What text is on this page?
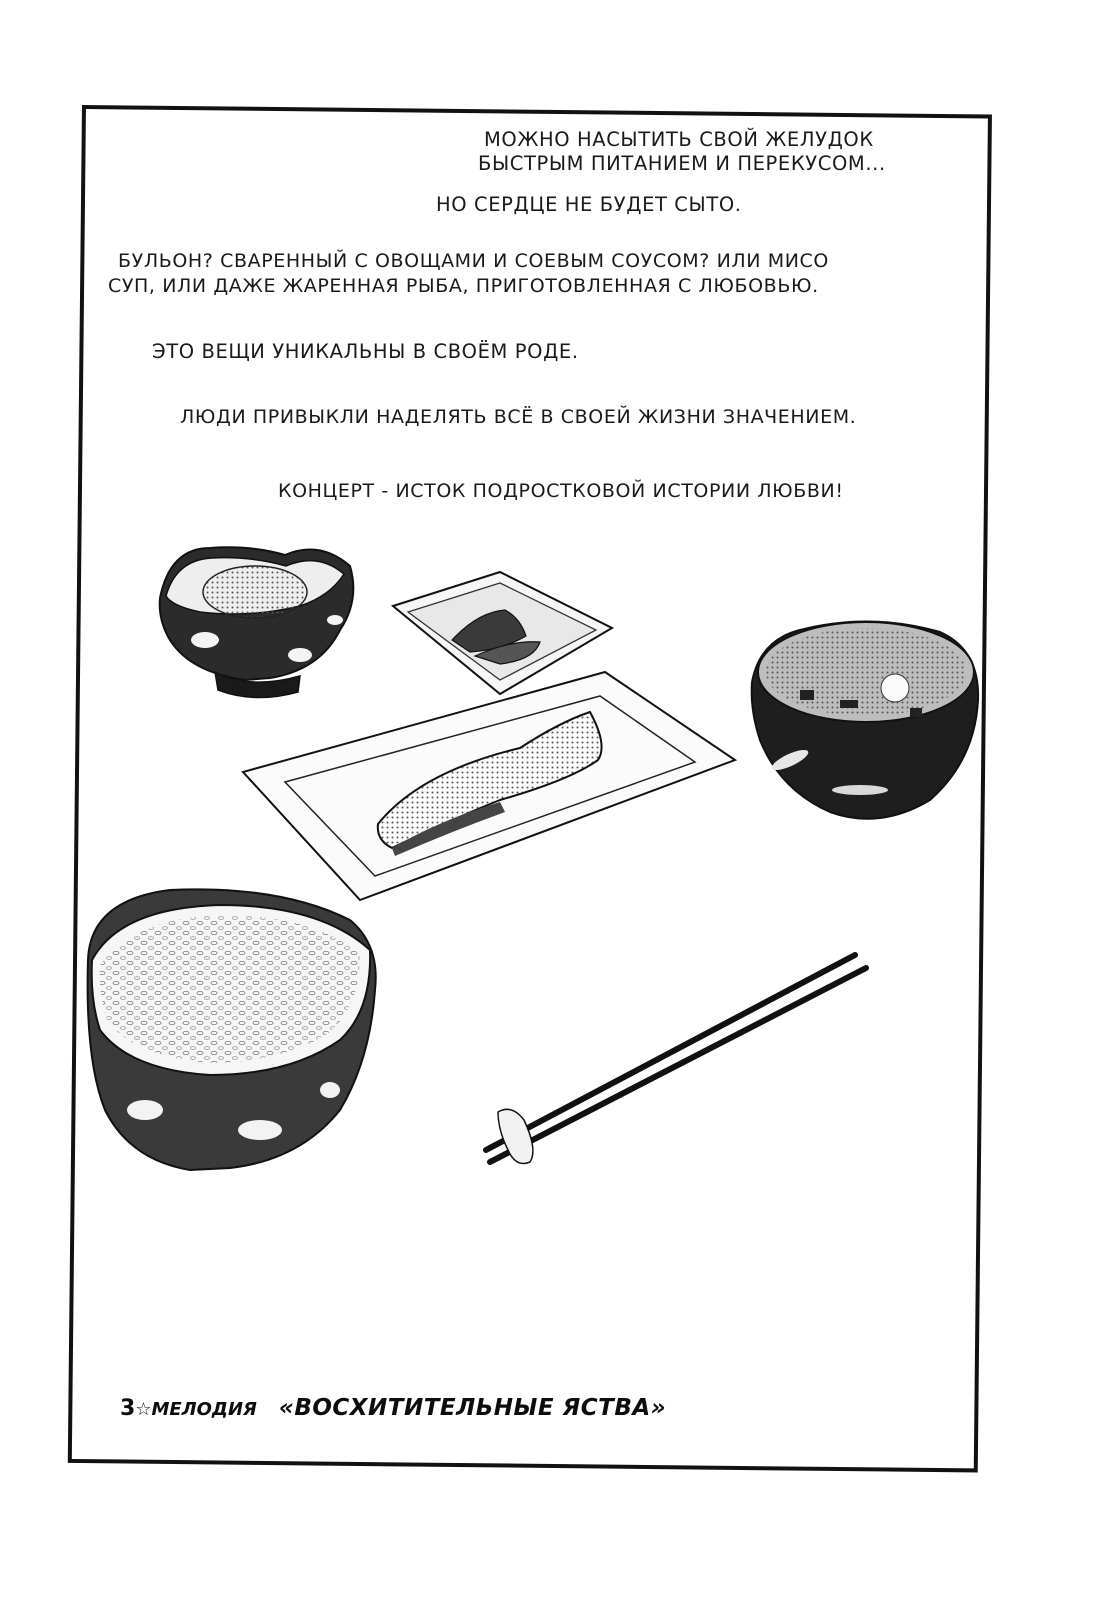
МОЖНО НАСЫТИТЬ СВОЙ ЖЕЛУДОК
БЫСТРЫМ ПИТАНИЕМ И ПЕРЕКУСОМ...
НО СЕРДЦЕ НЕ БУДЕТ СЫТО.
БУЛЬОН? СВАРЕННЫЙ С ОВОЩАМИ И СОЕВЫМ СОУСОМ? ИЛИ МИСО
СУП, ИЛИ ДАЖЕ ЖАРЕННАЯ РЫБА, ПРИГОТОВЛЕННАЯ С ЛЮБОВЬЮ.
ЭТО ВЕЩИ УНИКАЛЬНЫ В СВОЁМ РОДЕ.
ЛЮДИ ПРИВЫКЛИ НАДЕЛЯТЬ ВСЁ В СВОЕЙ ЖИЗНИ ЗНАЧЕНИЕМ.
КОНЦЕРТ - ИСТОК ПОДРОСТКОВОЙ ИСТОРИИ ЛЮБВИ!
3☆МЕЛОДИЯ «ВОСХИТИТЕЛЬНЫЕ ЯСТВА»
